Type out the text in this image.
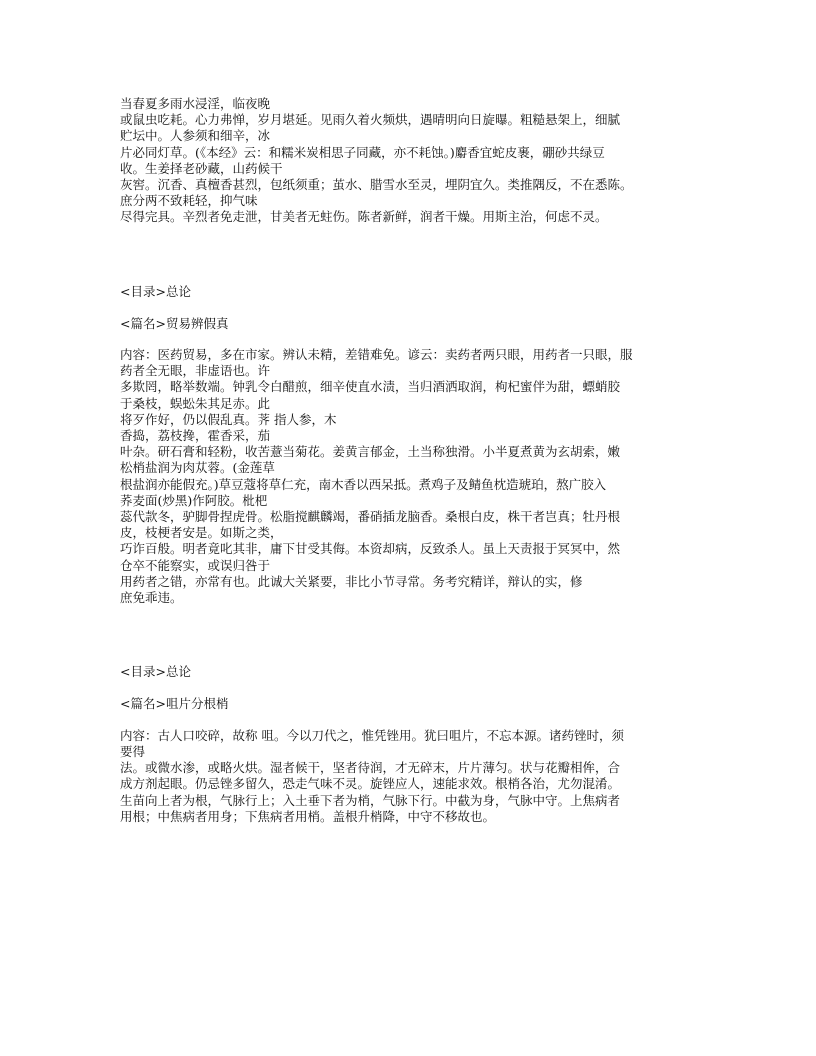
当春夏多雨水浸淫，临夜晚
或鼠虫吃耗。心力弗惮，岁月堪延。见雨久着火频烘，遇晴明向日旋曝。粗糙悬架上，细腻
贮坛中。人参须和细辛，冰
片必同灯草。(《本经》云：和糯米炭相思子同藏，亦不耗蚀。)麝香宜蛇皮裹，硼砂共绿豆
收。生姜择老砂藏，山药候干
灰窖。沉香、真檀香甚烈，包纸须重；茧水、腊雪水至灵，埋阴宜久。类推隅反，不在悉陈。
庶分两不致耗轻，抑气味
尽得完具。辛烈者免走泄，甘美者无蛀伤。陈者新鲜，润者干燥。用斯主治，何虑不灵。
<目录>总论
<篇名>贸易辨假真
内容：医药贸易，多在市家。辨认未精，差错难免。谚云：卖药者两只眼，用药者一只眼，服
药者全无眼，非虚语也。许
多欺罔，略举数端。钟乳令白醋煎，细辛使直水渍，当归酒洒取润，枸杞蜜伴为甜，螵蛸胶
于桑枝，蜈蚣朱其足赤。此
将歹作好，仍以假乱真。荠 指人参，木
香捣，荔枝搀，霍香采，茄
叶杂。研石膏和轻粉，收苦薏当菊花。姜黄言郁金，土当称独滑。小半夏煮黄为玄胡索，嫩
松梢盐润为肉苁蓉。(金莲草
根盐润亦能假充。)草豆蔻将草仁充，南木香以西呆抵。煮鸡子及鲭鱼枕造琥珀，熬广胶入
荞麦面(炒黑)作阿胶。枇杷
蕊代款冬，驴脚骨捏虎骨。松脂搅麒麟竭，番硝插龙脑香。桑根白皮，株干者岂真；牡丹根
皮，枝梗者安是。如斯之类，
巧诈百般。明者竟叱其非，庸下甘受其侮。本资却病，反致杀人。虽上天责报于冥冥中，然
仓卒不能察实，或误归咎于
用药者之错，亦常有也。此诚大关紧要，非比小节寻常。务考究精详，辩认的实，修
庶免乖违。
<目录>总论
<篇名>咀片分根梢
内容：古人口咬碎，故称 咀。今以刀代之，惟凭锉用。犹曰咀片，不忘本源。诸药锉时，须
要得
法。或微水渗，或略火烘。湿者候干，坚者待润，才无碎末，片片薄匀。状与花瓣相侔，合
成方剂起眼。仍忌锉多留久，恐走气味不灵。旋锉应人，速能求效。根梢各治，尤勿混淆。
生苗向上者为根，气脉行上；入土垂下者为梢，气脉下行。中截为身，气脉中守。上焦病者
用根；中焦病者用身；下焦病者用梢。盖根升梢降，中守不移故也。
